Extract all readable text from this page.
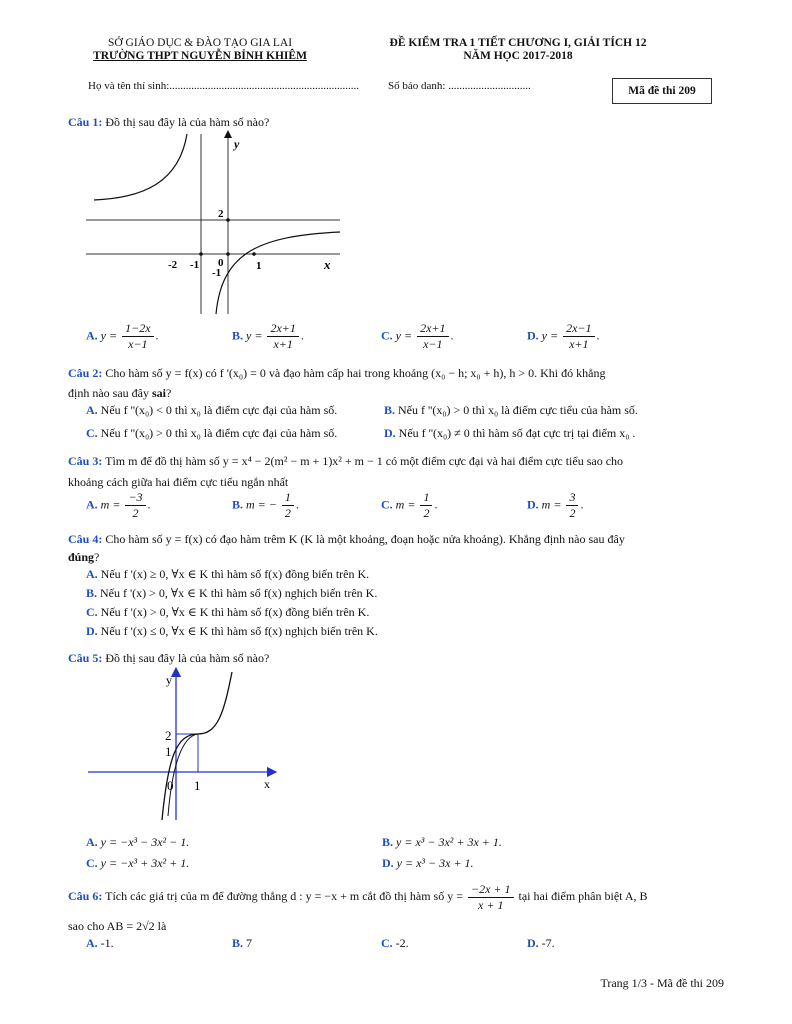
SỞ GIÁO DỤC & ĐÀO TẠO GIA LAI
TRƯỜNG THPT NGUYỄN BỈNH KHIÊM
ĐỀ KIỂM TRA 1 TIẾT CHƯƠNG I, GIẢI TÍCH 12
NĂM HỌC 2017-2018
Họ và tên thí sinh:.....................................................................	Số báo danh: ..............................	Mã đề thi 209
Câu 1: Đồ thị sau đây là của hàm số nào?
y
x
2
-2 -1 0
-1
1
A. $y = \frac{1-2x}{x-1}$ .	B. $y = \frac{2x+1}{x+1}$ .	C. $y = \frac{2x+1}{x-1}$ .	D. $y = \frac{2x-1}{x+1}$ .
Câu 2: Cho hàm số y = f(x) có f '(x₀) = 0 và đạo hàm cấp hai trong khoảng (x₀ − h; x₀ + h), h > 0. Khi đó khẳng
định nào sau đây sai?
A. Nếu f ''(x₀) < 0 thì x₀ là điểm cực đại của hàm số.	B. Nếu f ''(x₀) > 0 thì x₀ là điểm cực tiểu của hàm số.
C. Nếu f ''(x₀) > 0 thì x₀ là điểm cực đại của hàm số.	D. Nếu f ''(x₀) ≠ 0 thì hàm số đạt cực trị tại điểm x₀ .
Câu 3: Tìm m để đồ thị hàm số y = x⁴ − 2(m² − m + 1)x² + m − 1 có một điểm cực đại và hai điểm cực tiểu sao cho
khoảng cách giữa hai điểm cực tiểu ngắn nhất
A. $m = \frac{-3}{2}$ .	B. m = − $\frac{1}{2}$ .	C. $m = \frac{1}{2}$ .	D. $m = \frac{3}{2}$ .
Câu 4: Cho hàm số y = f(x) có đạo hàm trêm K (K là một khoảng, đoạn hoặc nửa khoảng). Khẳng định nào sau đây
đúng?
A. Nếu f '(x) ≥ 0, ∀x ∈ K thì hàm số f(x) đồng biến trên K.
B. Nếu f '(x) > 0, ∀x ∈ K thì hàm số f(x) nghịch biến trên K.
C. Nếu f '(x) > 0, ∀x ∈ K thì hàm số f(x) đồng biến trên K.
D. Nếu f '(x) ≤ 0, ∀x ∈ K thì hàm số f(x) nghịch biến trên K.
Câu 5: Đồ thị sau đây là của hàm số nào?
y
x
2
1
0 1
A. y = −x³ − 3x² − 1.	B. y = x³ − 3x² + 3x + 1.
C. y = −x³ + 3x² + 1.	D. y = x³ − 3x + 1.
Câu 6: Tích các giá trị của m để đường thẳng d : y = −x + m cắt đồ thị hàm số $y = \frac{-2x + 1}{x + 1}$ tại hai điểm phân biệt A, B
sao cho AB = 2√2 là
A. -1.	B. 7	C. -2.	D. -7.
Trang 1/3 - Mã đề thi 209
